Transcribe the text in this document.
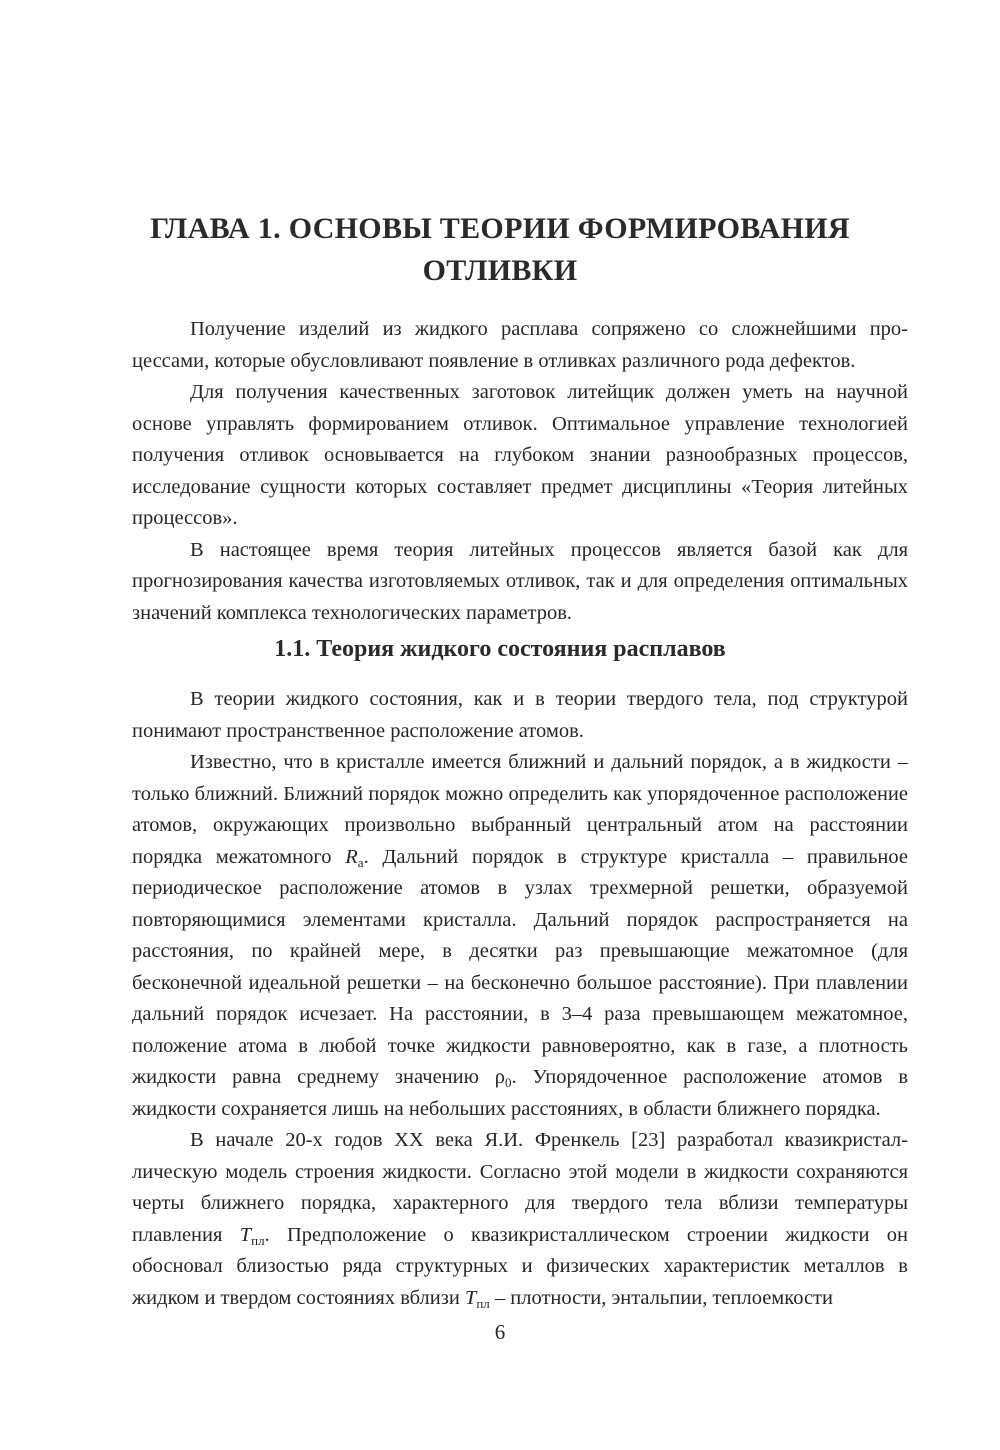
ГЛАВА 1. ОСНОВЫ ТЕОРИИ ФОРМИРОВАНИЯ
ОТЛИВКИ

Получение изделий из жидкого расплава сопряжено со сложнейшими процессами, которые обусловливают появление в отливках различного рода дефектов.

Для получения качественных заготовок литейщик должен уметь на научной основе управлять формированием отливок. Оптимальное управление технологией получения отливок основывается на глубоком знании разнообразных процессов, исследование сущности которых составляет предмет дисциплины «Теория литейных процессов».

В настоящее время теория литейных процессов является базой как для прогнозирования качества изготовляемых отливок, так и для определения оптимальных значений комплекса технологических параметров.

1.1. Теория жидкого состояния расплавов

В теории жидкого состояния, как и в теории твердого тела, под структурой понимают пространственное расположение атомов.

Известно, что в кристалле имеется ближний и дальний порядок, а в жидкости – только ближний. Ближний порядок можно определить как упорядоченное расположение атомов, окружающих произвольно выбранный центральный атом на расстоянии порядка межатомного $R_а$. Дальний порядок в структуре кристалла – правильное периодическое расположение атомов в узлах трехмерной решетки, образуемой повторяющимися элементами кристалла. Дальний порядок распространяется на расстояния, по крайней мере, в десятки раз превышающие межатомное (для бесконечной идеальной решетки – на бесконечно большое расстояние). При плавлении дальний порядок исчезает. На расстоянии, в 3–4 раза превышающем межатомное, положение атома в любой точке жидкости равновероятно, как в газе, а плотность жидкости равна среднему значению $\rho_0$. Упорядоченное расположение атомов в жидкости сохраняется лишь на небольших расстояниях, в области ближнего порядка.

В начале 20-х годов XX века Я.И. Френкель [23] разработал квазикристаллическую модель строения жидкости. Согласно этой модели в жидкости сохраняются черты ближнего порядка, характерного для твердого тела вблизи температуры плавления $T_{пл}$. Предположение о квазикристаллическом строении жидкости он обосновал близостью ряда структурных и физических характеристик металлов в жидком и твердом состояниях вблизи $T_{пл}$ – плотности, энтальпии, теплоемкости

6
